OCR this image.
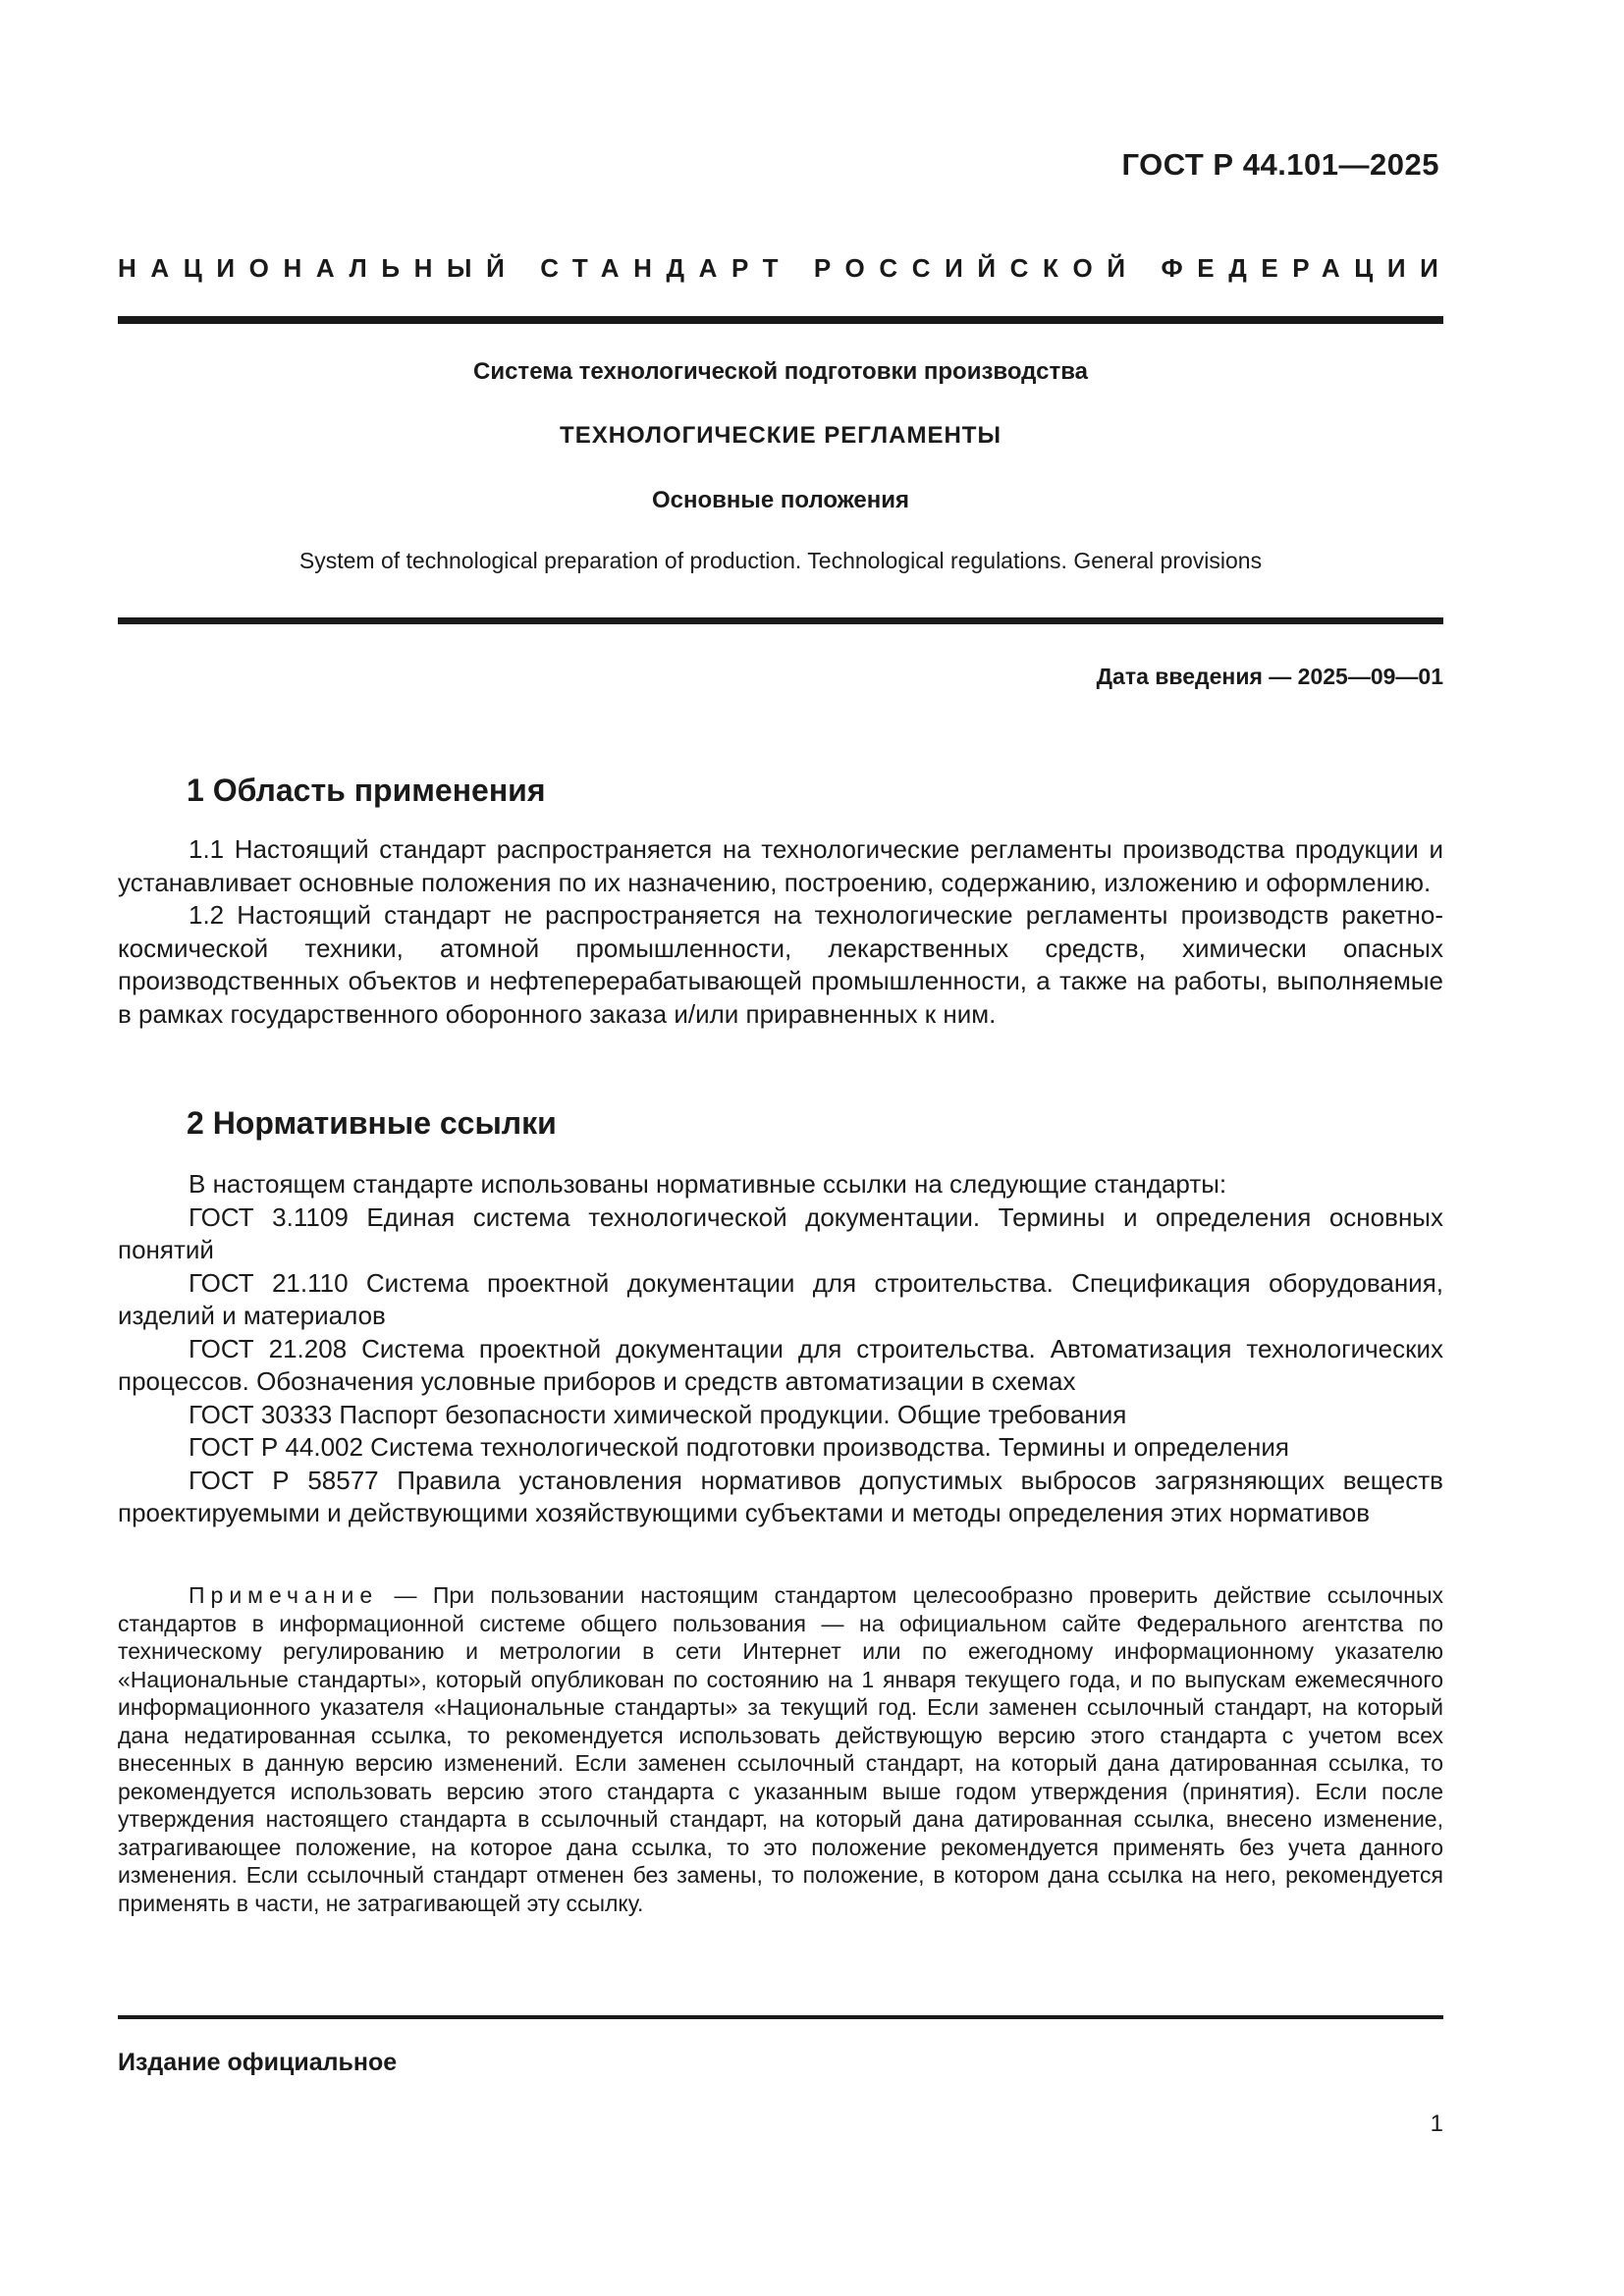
ГОСТ Р 44.101—2025
НАЦИОНАЛЬНЫЙ СТАНДАРТ РОССИЙСКОЙ ФЕДЕРАЦИИ
Система технологической подготовки производства
ТЕХНОЛОГИЧЕСКИЕ РЕГЛАМЕНТЫ
Основные положения
System of technological preparation of production. Technological regulations. General provisions
Дата введения — 2025—09—01
1 Область применения

1.1 Настоящий стандарт распространяется на технологические регламенты производства продукции и устанавливает основные положения по их назначению, построению, содержанию, изложению и оформлению.

1.2 Настоящий стандарт не распространяется на технологические регламенты производств ракетно-космической техники, атомной промышленности, лекарственных средств, химически опасных производственных объектов и нефтеперерабатывающей промышленности, а также на работы, выполняемые в рамках государственного оборонного заказа и/или приравненных к ним.

2 Нормативные ссылки

В настоящем стандарте использованы нормативные ссылки на следующие стандарты:

ГОСТ 3.1109 Единая система технологической документации. Термины и определения основных понятий

ГОСТ 21.110 Система проектной документации для строительства. Спецификация оборудования, изделий и материалов

ГОСТ 21.208 Система проектной документации для строительства. Автоматизация технологических процессов. Обозначения условные приборов и средств автоматизации в схемах

ГОСТ 30333 Паспорт безопасности химической продукции. Общие требования

ГОСТ Р 44.002 Система технологической подготовки производства. Термины и определения

ГОСТ Р 58577 Правила установления нормативов допустимых выбросов загрязняющих веществ проектируемыми и действующими хозяйствующими субъектами и методы определения этих нормативов

Примечание — При пользовании настоящим стандартом целесообразно проверить действие ссылочных стандартов в информационной системе общего пользования — на официальном сайте Федерального агентства по техническому регулированию и метрологии в сети Интернет или по ежегодному информационному указателю «Национальные стандарты», который опубликован по состоянию на 1 января текущего года, и по выпускам ежемесячного информационного указателя «Национальные стандарты» за текущий год. Если заменен ссылочный стандарт, на который дана недатированная ссылка, то рекомендуется использовать действующую версию этого стандарта с учетом всех внесенных в данную версию изменений. Если заменен ссылочный стандарт, на который дана датированная ссылка, то рекомендуется использовать версию этого стандарта с указанным выше годом утверждения (принятия). Если после утверждения настоящего стандарта в ссылочный стандарт, на который дана датированная ссылка, внесено изменение, затрагивающее положение, на которое дана ссылка, то это положение рекомендуется применять без учета данного изменения. Если ссылочный стандарт отменен без замены, то положение, в котором дана ссылка на него, рекомендуется применять в части, не затрагивающей эту ссылку.

Издание официальное
1
